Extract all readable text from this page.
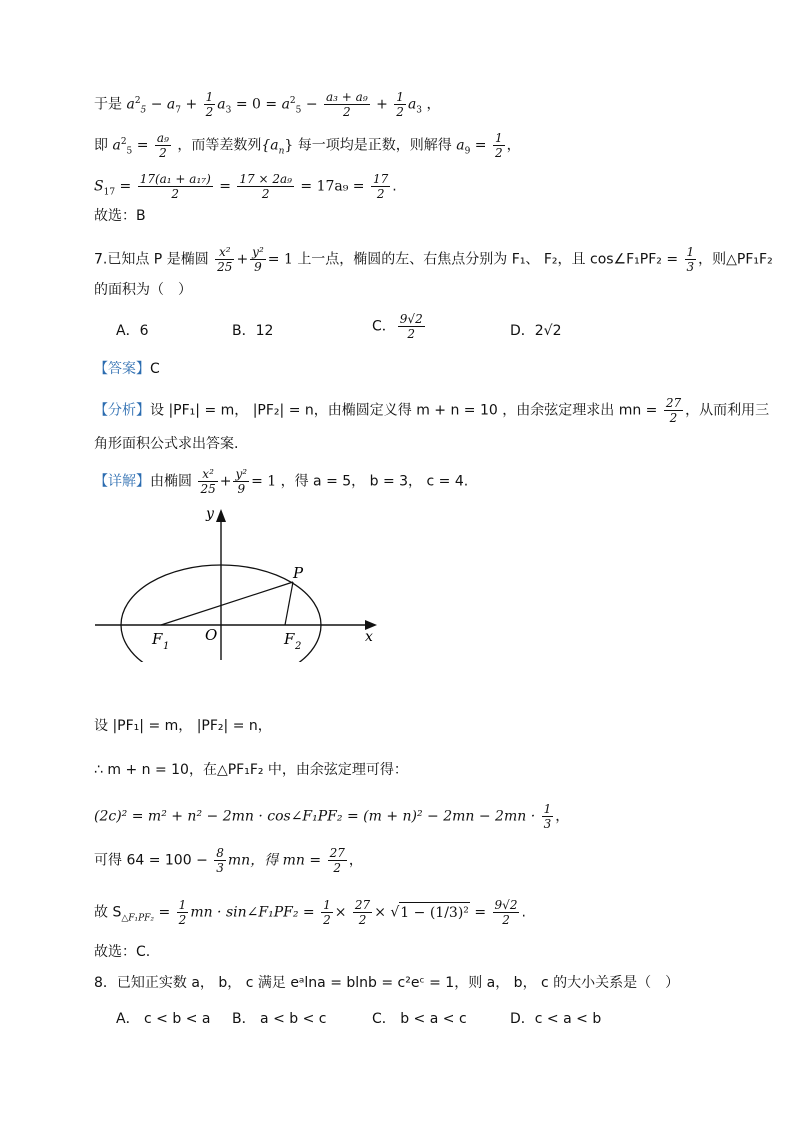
于是 $a^2_5 - a_7 + \frac{1}{2} a_3 = 0 = a^2_5 - \frac{\text{a₃ + a₉}}{2} + \frac{1}{2} a_3$ ，
即 $a^2_5 = \frac{\text{a₉}}{2}$ ，而等差数列$\{a_n\}$ 每一项均是正数，则解得 $a_9 = \frac{1}{2}$ ，
$S_{17} = \frac{\text{17(a₁ + a₁₇)}}{2} = \frac{\text{17 × 2a₉}}{2} = 17a_9 = \frac{17}{2}$ .
故选：B
7.已知点 P 是椭圆 $\frac{\text{x²}}{25} + \frac{\text{y²}}{9} = 1$ 上一点，椭圆的左、右焦点分别为 F₁、 F₂，且 cos∠F₁PF₂ = $\frac{1}{3}$ ，则△PF₁F₂
的面积为（　）
A．6	B．12	C． $\frac{9√2}{2}$	D．2√2
【答案】C
【分析】设 |PF₁| = m， |PF₂| = n，由椭圆定义得 m + n = 10 ，由余弦定理求出 mn = $\frac{27}{2}$ ，从而利用三
角形面积公式求出答案.
【详解】由椭圆 $\frac{\text{x²}}{25} + \frac{\text{y²}}{9} = 1$ ，得 a = 5， b = 3， c = 4.
y
x
P
O
F 1	F 2
设 |PF₁| = m， |PF₂| = n，
∴ m + n = 10，在△PF₁F₂ 中，由余弦定理可得：
(2c)² = m² + n² − 2mn · cos∠F₁PF₂ = $(m + n)^2 - 2mn - 2mn \cdot \frac{1}{3}$ ，
可得 $64 = 100 - \frac{8}{3}$ mn，得 mn = $\frac{27}{2}$ ，
故 $S_{\triangle F_1PF_2} = \frac{1}{2}$ mn · sin∠F₁PF₂ = $\frac{1}{2} \times \frac{27}{2} \times √1 - (1/3)^2 = \frac{9√2}{2}$ .
故选：C.
8．已知正实数 a， b， c 满足 eᵃlna = blnb = c²eᶜ = 1，则 a， b， c 的大小关系是（　）
A． c < b < a B． a < b < c	C． b < a < c	D．c < a < b
